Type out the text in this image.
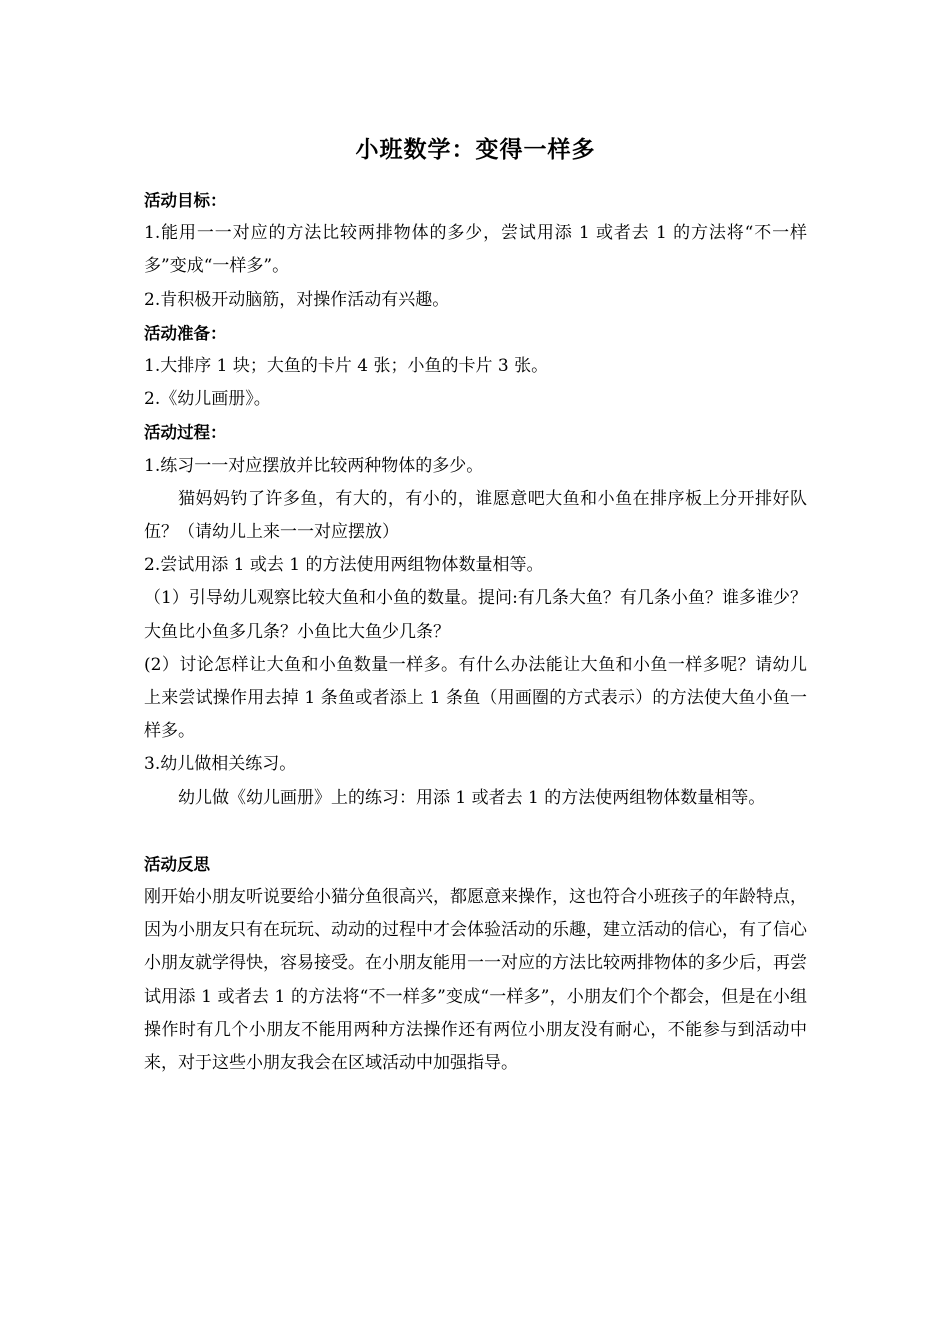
小班数学：变得一样多
活动目标：

1.能用一一对应的方法比较两排物体的多少，尝试用添 1 或者去 1 的方法将“不一样多”变成“一样多”。

2.肯积极开动脑筋，对操作活动有兴趣。

活动准备：

1.大排序 1 块；大鱼的卡片 4 张；小鱼的卡片 3 张。

2.《幼儿画册》。

活动过程：

1.练习一一对应摆放并比较两种物体的多少。

猫妈妈钓了许多鱼，有大的，有小的，谁愿意吧大鱼和小鱼在排序板上分开排好队伍？（请幼儿上来一一对应摆放）

2.尝试用添 1 或去 1 的方法使用两组物体数量相等。

（1）引导幼儿观察比较大鱼和小鱼的数量。提问:有几条大鱼？有几条小鱼？谁多谁少？大鱼比小鱼多几条？小鱼比大鱼少几条？

(2）讨论怎样让大鱼和小鱼数量一样多。有什么办法能让大鱼和小鱼一样多呢？请幼儿上来尝试操作用去掉 1 条鱼或者添上 1 条鱼（用画圈的方式表示）的方法使大鱼小鱼一样多。

3.幼儿做相关练习。

幼儿做《幼儿画册》上的练习：用添 1 或者去 1 的方法使两组物体数量相等。

活动反思

刚开始小朋友听说要给小猫分鱼很高兴，都愿意来操作，这也符合小班孩子的年龄特点，因为小朋友只有在玩玩、动动的过程中才会体验活动的乐趣，建立活动的信心，有了信心小朋友就学得快，容易接受。在小朋友能用一一对应的方法比较两排物体的多少后，再尝试用添 1 或者去 1 的方法将“不一样多”变成“一样多”，小朋友们个个都会，但是在小组操作时有几个小朋友不能用两种方法操作还有两位小朋友没有耐心，不能参与到活动中来，对于这些小朋友我会在区域活动中加强指导。
